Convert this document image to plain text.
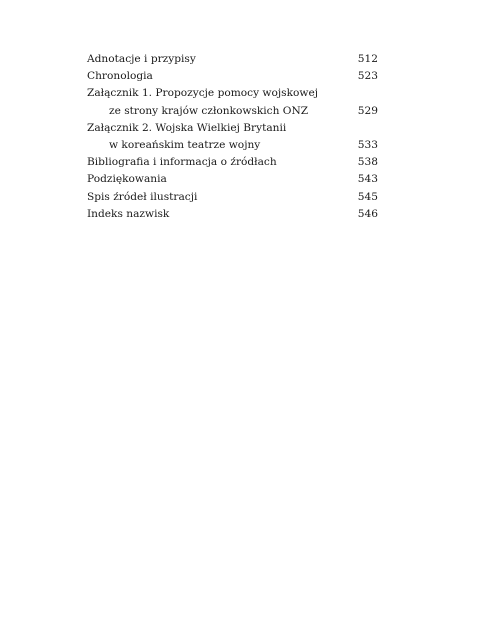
Adnotacje i przypisy	512
Chronologia	523
Załącznik 1. Propozycje pomocy wojskowej
ze strony krajów członkowskich ONZ	529
Załącznik 2. Wojska Wielkiej Brytanii
w koreańskim teatrze wojny	533
Bibliografia i informacja o źródłach	538
Podziękowania	543
Spis źródeł ilustracji	545
Indeks nazwisk	546
